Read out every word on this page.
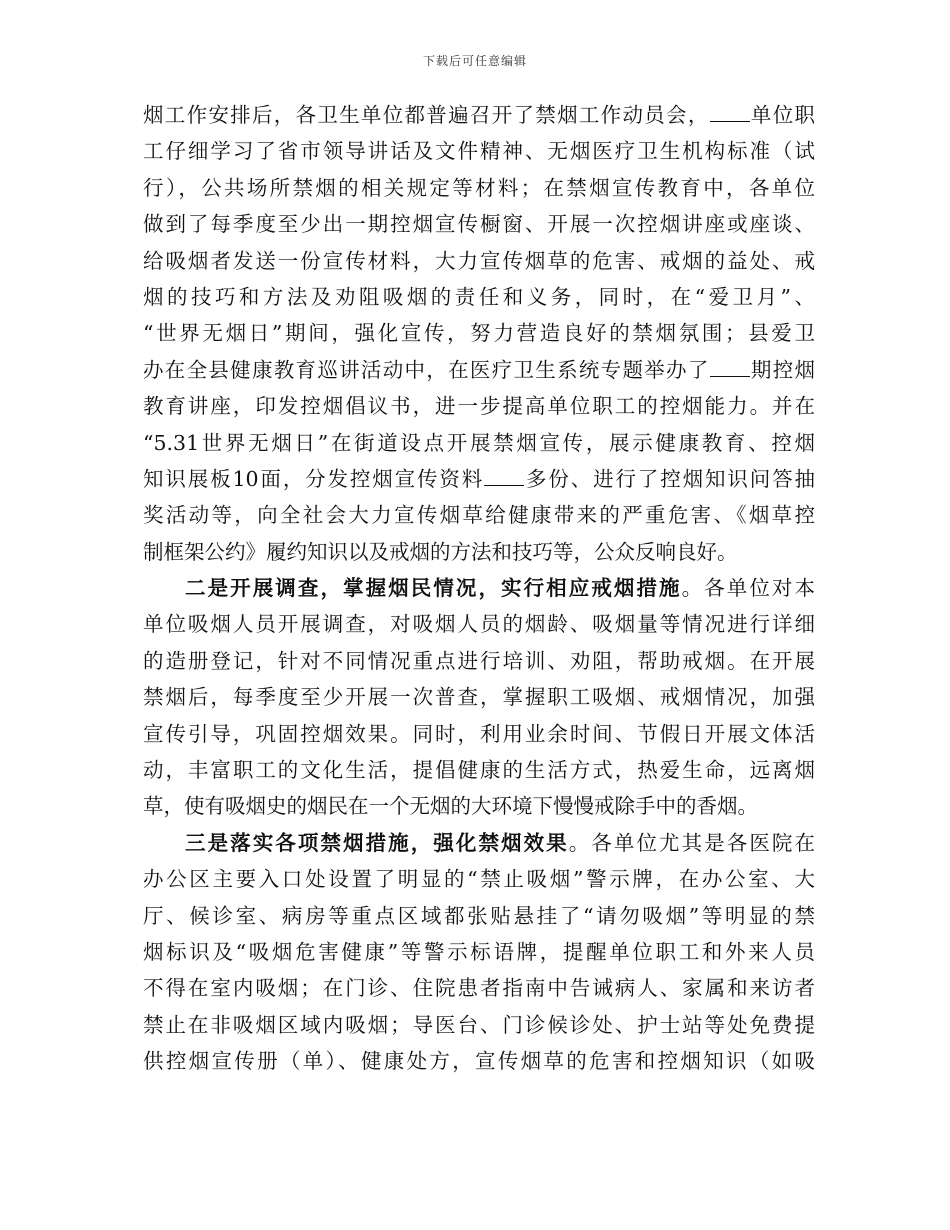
下载后可任意编辑
烟工作安排后，各卫生单位都普遍召开了禁烟工作动员会， 单位职
工仔细学习了省市领导讲话及文件精神、无烟医疗卫生机构标准（试
行），公共场所禁烟的相关规定等材料；在禁烟宣传教育中，各单位
做到了每季度至少出一期控烟宣传橱窗、开展一次控烟讲座或座谈、
给吸烟者发送一份宣传材料，大力宣传烟草的危害、戒烟的益处、戒
烟的技巧和方法及劝阻吸烟的责任和义务，同时，在“爱卫月”、
“世界无烟日”期间，强化宣传，努力营造良好的禁烟氛围；县爱卫
办在全县健康教育巡讲活动中，在医疗卫生系统专题举办了 期控烟
教育讲座，印发控烟倡议书，进一步提高单位职工的控烟能力。并在
“5.31世界无烟日”在街道设点开展禁烟宣传，展示健康教育、控烟
知识展板10面，分发控烟宣传资料 多份、进行了控烟知识问答抽
奖活动等，向全社会大力宣传烟草给健康带来的严重危害、《烟草控
制框架公约》履约知识以及戒烟的方法和技巧等，公众反响良好。
二是开展调查，掌握烟民情况，实行相应戒烟措施。各单位对本
单位吸烟人员开展调查，对吸烟人员的烟龄、吸烟量等情况进行详细
的造册登记，针对不同情况重点进行培训、劝阻，帮助戒烟。在开展
禁烟后，每季度至少开展一次普查，掌握职工吸烟、戒烟情况，加强
宣传引导，巩固控烟效果。同时，利用业余时间、节假日开展文体活
动，丰富职工的文化生活，提倡健康的生活方式，热爱生命，远离烟
草，使有吸烟史的烟民在一个无烟的大环境下慢慢戒除手中的香烟。
三是落实各项禁烟措施，强化禁烟效果。各单位尤其是各医院在
办公区主要入口处设置了明显的“禁止吸烟”警示牌，在办公室、大
厅、候诊室、病房等重点区域都张贴悬挂了“请勿吸烟”等明显的禁
烟标识及“吸烟危害健康”等警示标语牌，提醒单位职工和外来人员
不得在室内吸烟；在门诊、住院患者指南中告诫病人、家属和来访者
禁止在非吸烟区域内吸烟；导医台、门诊候诊处、护士站等处免费提
供控烟宣传册（单）、健康处方，宣传烟草的危害和控烟知识（如吸
